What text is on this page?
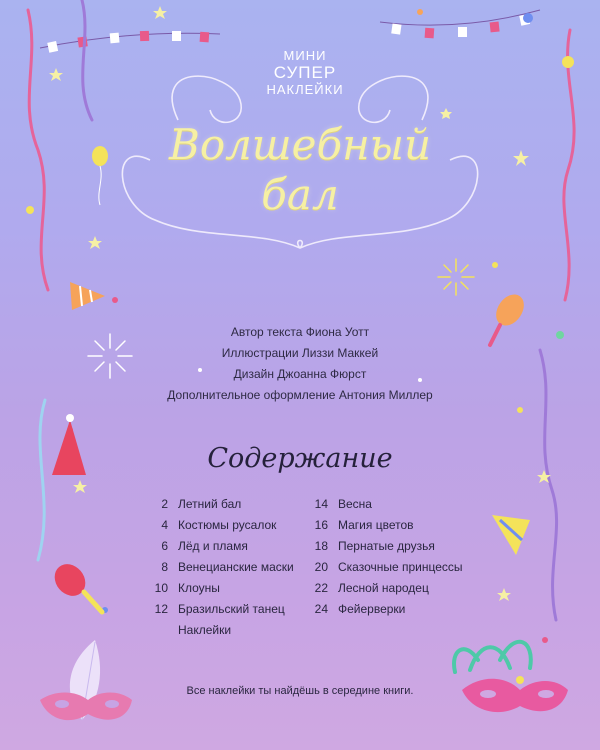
МИНИ
СУПЕР
НАКЛЕЙКИ
Волшебный
бал
Автор текста Фиона Уотт
Иллюстрации Лиззи Маккей
Дизайн Джоанна Фюрст
Дополнительное оформление Антония Миллер
Содержание
2 Летний бал
4 Костюмы русалок
6 Лёд и пламя
8 Венецианские маски
10 Клоуны
12 Бразильский танец
Наклейки
14 Весна
16 Магия цветов
18 Пернатые друзья
20 Сказочные принцессы
22 Лесной народец
24 Фейерверки
Все наклейки ты найдёшь в середине книги.
